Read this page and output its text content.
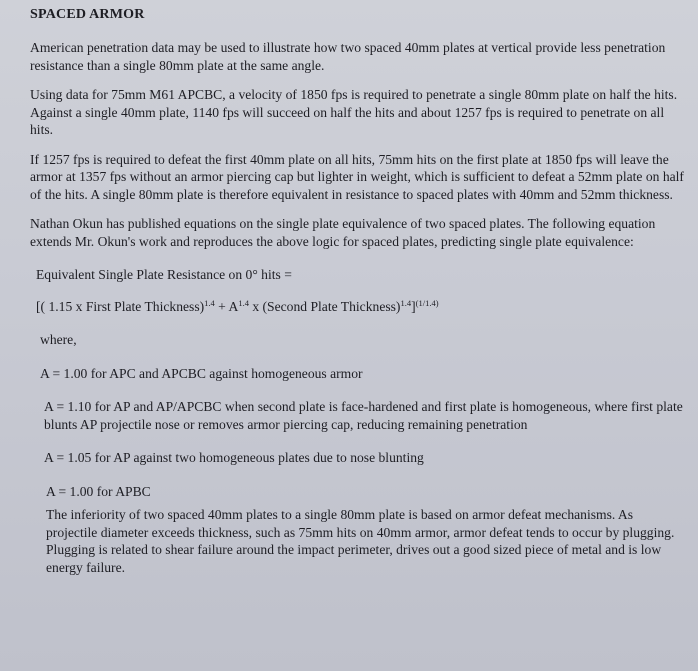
SPACED ARMOR

American penetration data may be used to illustrate how two spaced 40mm plates at vertical provide less penetration resistance than a single 80mm plate at the same angle.

Using data for 75mm M61 APCBC, a velocity of 1850 fps is required to penetrate a single 80mm plate on half the hits. Against a single 40mm plate, 1140 fps will succeed on half the hits and about 1257 fps is required to penetrate on all hits.

If 1257 fps is required to defeat the first 40mm plate on all hits, 75mm hits on the first plate at 1850 fps will leave the armor at 1357 fps without an armor piercing cap but lighter in weight, which is sufficient to defeat a 52mm plate on half of the hits. A single 80mm plate is therefore equivalent in resistance to spaced plates with 40mm and 52mm thickness.

Nathan Okun has published equations on the single plate equivalence of two spaced plates. The following equation extends Mr. Okun's work and reproduces the above logic for spaced plates, predicting single plate equivalence:

Equivalent Single Plate Resistance on 0° hits =

[( 1.15 x First Plate Thickness)$^{1.4}$ + $A^{1.4}$ x (Second Plate Thickness)$^{1.4}$]$^{(1/1.4)}$

where,

A = 1.00 for APC and APCBC against homogeneous armor

A = 1.10 for AP and AP/APCBC when second plate is face-hardened and first plate is homogeneous, where first plate blunts AP projectile nose or removes armor piercing cap, reducing remaining penetration

A = 1.05 for AP against two homogeneous plates due to nose blunting

A = 1.00 for APBC

The inferiority of two spaced 40mm plates to a single 80mm plate is based on armor defeat mechanisms. As projectile diameter exceeds thickness, such as 75mm hits on 40mm armor, armor defeat tends to occur by plugging. Plugging is related to shear failure around the impact perimeter, drives out a good sized piece of metal and is low energy failure.
